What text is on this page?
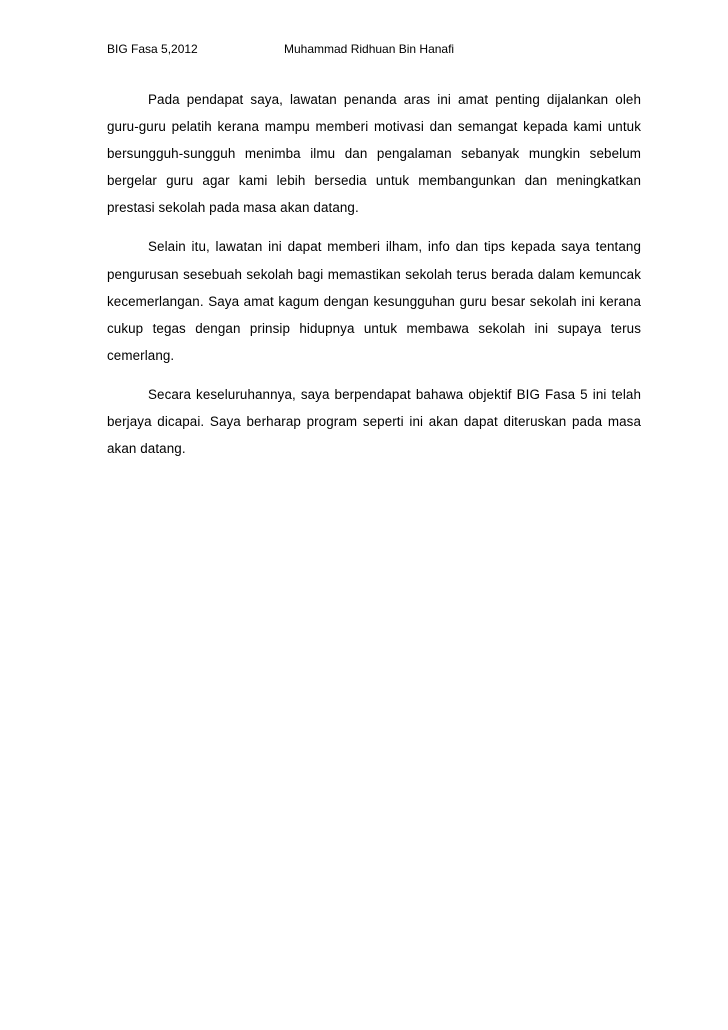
BIG Fasa 5,2012	Muhammad Ridhuan Bin Hanafi

Pada pendapat saya, lawatan penanda aras ini amat penting dijalankan oleh guru-guru pelatih kerana mampu memberi motivasi dan semangat kepada kami untuk bersungguh-sungguh menimba ilmu dan pengalaman sebanyak mungkin sebelum bergelar guru agar kami lebih bersedia untuk membangunkan dan meningkatkan prestasi sekolah pada masa akan datang.

Selain itu, lawatan ini dapat memberi ilham, info dan tips kepada saya tentang pengurusan sesebuah sekolah bagi memastikan sekolah terus berada dalam kemuncak kecemerlangan. Saya amat kagum dengan kesungguhan guru besar sekolah ini kerana cukup tegas dengan prinsip hidupnya untuk membawa sekolah ini supaya terus cemerlang.

Secara keseluruhannya, saya berpendapat bahawa objektif BIG Fasa 5 ini telah berjaya dicapai. Saya berharap program seperti ini akan dapat diteruskan pada masa akan datang.
